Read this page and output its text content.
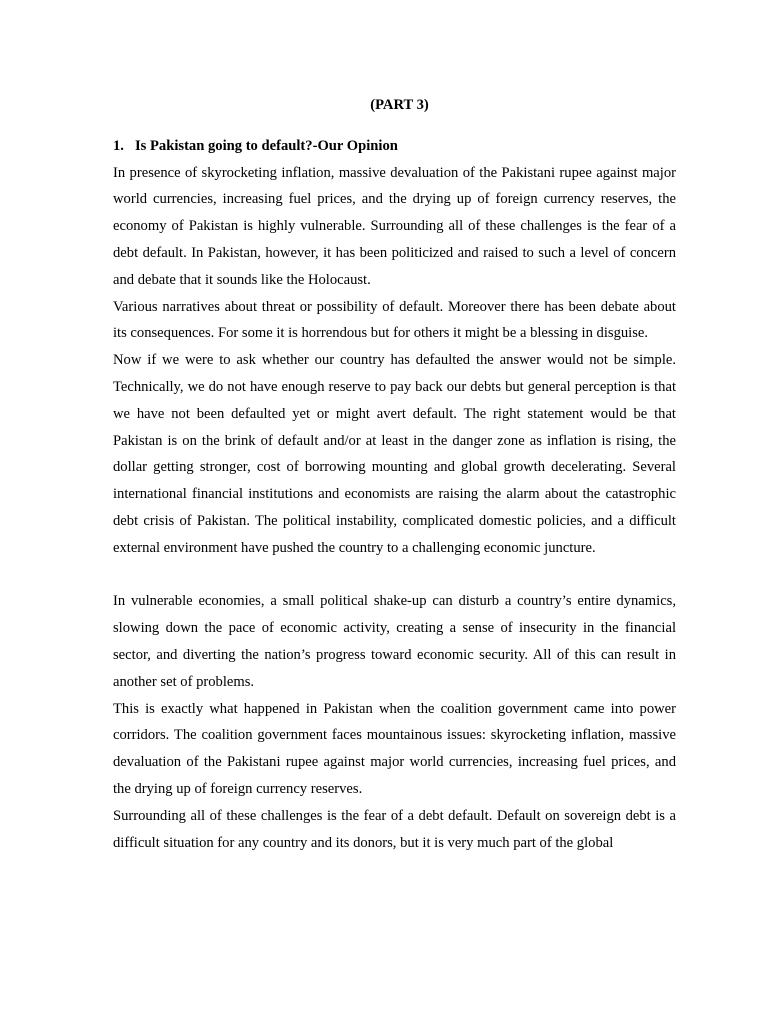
(PART 3)

1. Is Pakistan going to default?-Our Opinion

In presence of skyrocketing inflation, massive devaluation of the Pakistani rupee against major world currencies, increasing fuel prices, and the drying up of foreign currency reserves, the economy of Pakistan is highly vulnerable. Surrounding all of these challenges is the fear of a debt default. In Pakistan, however, it has been politicized and raised to such a level of concern and debate that it sounds like the Holocaust.

Various narratives about threat or possibility of default. Moreover there has been debate about its consequences. For some it is horrendous but for others it might be a blessing in disguise.

Now if we were to ask whether our country has defaulted the answer would not be simple. Technically, we do not have enough reserve to pay back our debts but general perception is that we have not been defaulted yet or might avert default. The right statement would be that Pakistan is on the brink of default and/or at least in the danger zone as inflation is rising, the dollar getting stronger, cost of borrowing mounting and global growth decelerating. Several international financial institutions and economists are raising the alarm about the catastrophic debt crisis of Pakistan. The political instability, complicated domestic policies, and a difficult external environment have pushed the country to a challenging economic juncture.

In vulnerable economies, a small political shake-up can disturb a country’s entire dynamics, slowing down the pace of economic activity, creating a sense of insecurity in the financial sector, and diverting the nation’s progress toward economic security. All of this can result in another set of problems.

This is exactly what happened in Pakistan when the coalition government came into power corridors. The coalition government faces mountainous issues: skyrocketing inflation, massive devaluation of the Pakistani rupee against major world currencies, increasing fuel prices, and the drying up of foreign currency reserves.

Surrounding all of these challenges is the fear of a debt default. Default on sovereign debt is a difficult situation for any country and its donors, but it is very much part of the global
